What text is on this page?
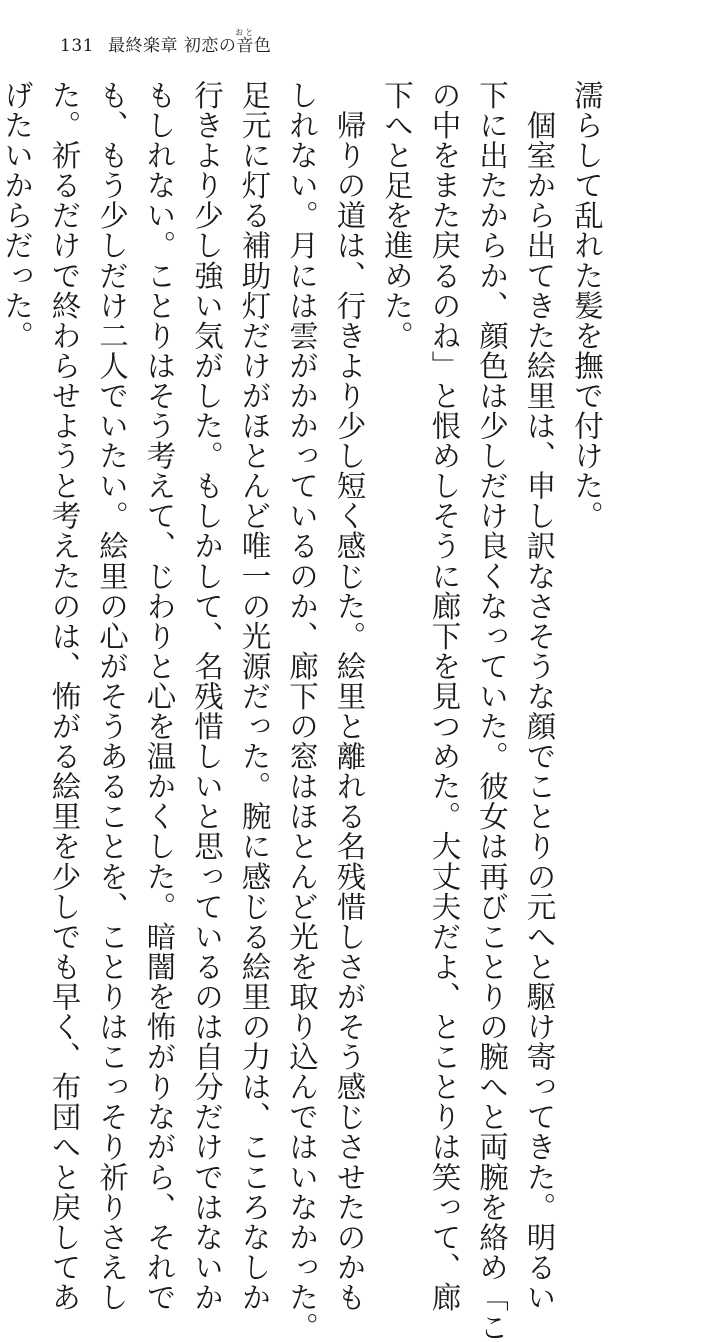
131 最終楽章 初恋の音おと色
濡らして乱れた髪を撫で付けた。
　個室から出てきた絵里は、申し訳なさそうな顔でことりの元へと駆け寄ってきた。明るい
下に出たからか、顔色は少しだけ良くなっていた。彼女は再びことりの腕へと両腕を絡め「こ
の中をまた戻るのね」と恨めしそうに廊下を見つめた。大丈夫だよ、とことりは笑って、廊
下へと足を進めた。
　帰りの道は、行きより少し短く感じた。絵里と離れる名残惜しさがそう感じさせたのかも
しれない。月には雲がかかっているのか、廊下の窓はほとんど光を取り込んではいなかった。
足元に灯る補助灯だけがほとんど唯一の光源だった。腕に感じる絵里の力は、こころなしか
行きより少し強い気がした。もしかして、名残惜しいと思っているのは自分だけではないか
もしれない。ことりはそう考えて、じわりと心を温かくした。暗闇を怖がりながら、それで
も、もう少しだけ二人でいたい。絵里の心がそうあることを、ことりはこっそり祈りさえし
た。祈るだけで終わらせようと考えたのは、怖がる絵里を少しでも早く、布団へと戻してあ
げたいからだった。
